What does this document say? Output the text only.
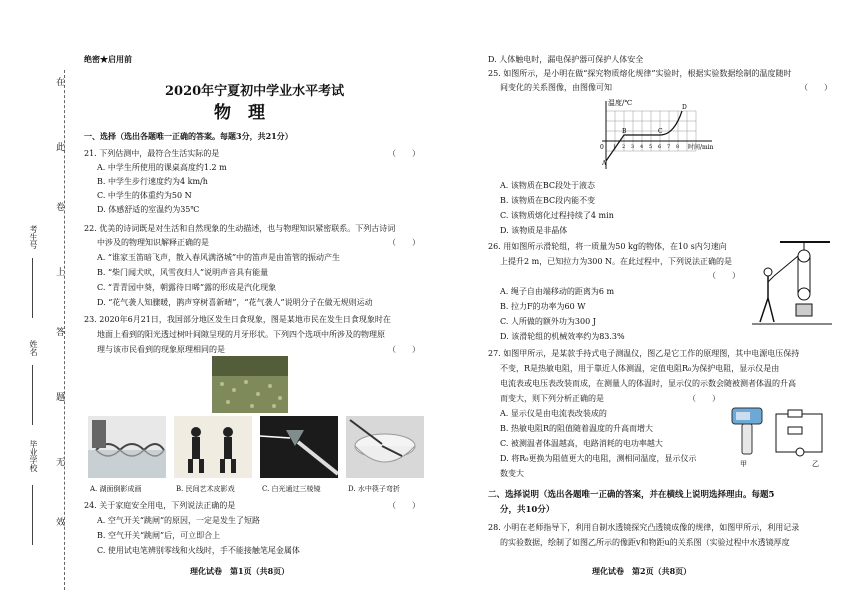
在
此
卷
上
答
题
无
效
考生号
姓名
毕业学校
绝密★启用前
2020年宁夏初中学业水平考试
物　理
一、选择（选出各题唯一正确的答案。每题3分，共21分）
21. 下列估测中，最符合生活实际的是	（　　）
A. 中学生所使用的课桌高度约1.2 m
B. 中学生步行速度约为4 km/h
C. 中学生的体重约为50 N
D. 体感舒适的室温约为35℃
22. 优美的诗词既是对生活和自然现象的生动描述，也与物理知识紧密联系。下列古诗词
中涉及的物理知识解释正确的是	（　　）
A. “谁家玉笛暗飞声，散入春风满洛城”中的笛声是由笛管的振动产生
B. “柴门闻犬吠，风雪夜归人”说明声音具有能量
C. “青青园中葵，朝露待日晞”露的形成是汽化现象
D. “花气袭人知骤暖，鹊声穿树喜新晴”，“花气袭人”说明分子在做无规则运动
23. 2020年6月21日，我国部分地区发生日食现象，图是某地市民在发生日食现象时在
地面上看到的阳光透过树叶间隙呈现的月牙形状。下列四个选项中所涉及的物理原
理与该市民看到的现象原理相同的是	（　　）
A. 湖面倒影成画	B. 民间艺术皮影戏	C. 白光通过三棱镜	D. 水中筷子弯折
24. 关于家庭安全用电，下列说法正确的是	（　　）
A. 空气开关“跳闸”的原因，一定是发生了短路
B. 空气开关“跳闸”后，可立即合上
C. 使用试电笔辨别零线和火线时，手不能接触笔尾金属体
理化试卷　第1页（共8页）
D. 人体触电时，漏电保护器可保护人体安全
25. 如图所示，是小明在做“探究物质熔化规律”实验时，根据实验数据绘制的温度随时
间变化的关系图像，由图像可知	（　　）
温度/℃
时间/min
0
A
B	C
D
1 2 3 4 5 6 7 8
A. 该物质在BC段处于液态
B. 该物质在BC段内能不变
C. 该物质熔化过程持续了4 min
D. 该物质是非晶体
26. 用如图所示滑轮组，将一质量为50 kg的物体，在10 s内匀速向
上提升2 m，已知拉力为300 N。在此过程中，下列说法正确的是
（　　）
A. 绳子自由端移动的距离为6 m
B. 拉力F的功率为60 W
C. 人所做的额外功为300 J
D. 该滑轮组的机械效率约为83.3%
27. 如图甲所示，是某款手持式电子测温仪，图乙是它工作的原理图，其中电源电压保持
不变，R是热敏电阻，用于靠近人体测温，定值电阻R₀为保护电阻，显示仪是由
电流表或电压表改装而成，在测量人的体温时，显示仪的示数会随被测者体温的升高
而变大，则下列分析正确的是	（　　）
A. 显示仪是由电流表改装成的
B. 热敏电阻R的阻值随着温度的升高而增大
C. 被测温者体温越高，电路消耗的电功率越大
D. 将R₀更换为阻值更大的电阻，测相同温度，显示仪示
数变大
甲	乙
二、选择说明（选出各题唯一正确的答案，并在横线上说明选择理由。每题5
分，共10分）
28. 小明在老师指导下，利用自制水透镜探究凸透镜成像的规律，如图甲所示，利用记录
的实验数据，绘制了如图乙所示的像距v和物距u的关系图（实验过程中水透镜厚度
理化试卷　第2页（共8页）
